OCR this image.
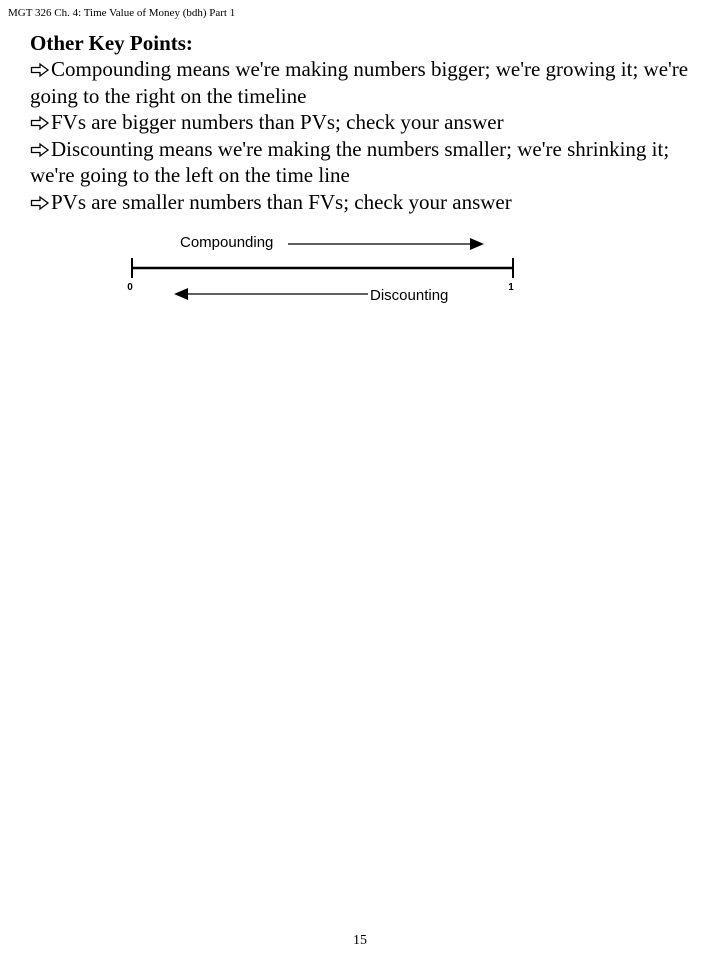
MGT 326 Ch. 4: Time Value of Money (bdh) Part 1
Other Key Points:
Compounding means we're making numbers bigger; we're growing it; we're going to the right on the timeline
FVs are bigger numbers than PVs; check your answer
Discounting means we're making the numbers smaller; we're shrinking it; we're going to the left on the time line
PVs are smaller numbers than FVs; check your answer
Compounding
0	1
Discounting
15
